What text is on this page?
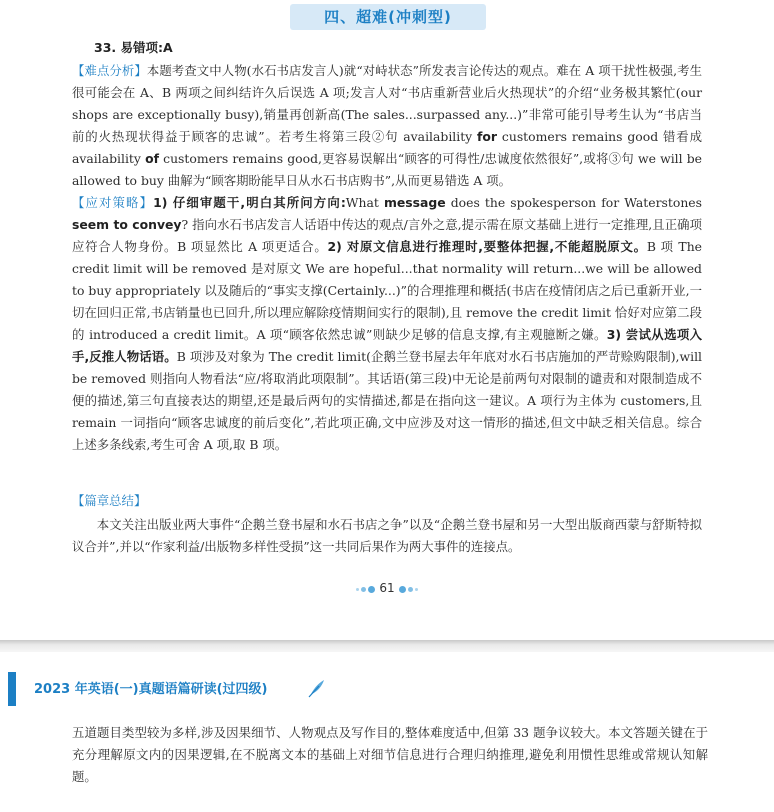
四、超难(冲刺型)
33. 易错项:A
【难点分析】本题考查文中人物(水石书店发言人)就“对峙状态”所发表言论传达的观点。难在 A 项干扰性极强,考生很可能会在 A、B 两项之间纠结许久后误选 A 项;发言人对“书店重新营业后火热现状”的介绍“业务极其繁忙(our shops are exceptionally busy),销量再创新高(The sales...surpassed any...)”非常可能引导考生认为“书店当前的火热现状得益于顾客的忠诚”。若考生将第三段②句 availability for customers remains good 错看成 availability of customers remains good,更容易误解出“顾客的可得性/忠诚度依然很好”,或将③句 we will be allowed to buy 曲解为“顾客期盼能早日从水石书店购书”,从而更易错选 A 项。
【应对策略】1) 仔细审题干,明白其所问方向:What message does the spokesperson for Waterstones seem to convey? 指向水石书店发言人话语中传达的观点/言外之意,提示需在原文基础上进行一定推理,且正确项应符合人物身份。B 项显然比 A 项更适合。2) 对原文信息进行推理时,要整体把握,不能超脱原文。B 项 The credit limit will be removed 是对原文 We are hopeful...that normality will return...we will be allowed to buy appropriately 以及随后的“事实支撑(Certainly...)”的合理推理和概括(书店在疫情闭店之后已重新开业,一切在回归正常,书店销量也已回升,所以理应解除疫情期间实行的限制),且 remove the credit limit 恰好对应第二段的 introduced a credit limit。A 项“顾客依然忠诚”则缺少足够的信息支撑,有主观臆断之嫌。3) 尝试从选项入手,反推人物话语。B 项涉及对象为 The credit limit(企鹅兰登书屋去年年底对水石书店施加的严苛赊购限制),will be removed 则指向人物看法“应/将取消此项限制”。其话语(第三段)中无论是前两句对限制的谴责和对限制造成不便的描述,第三句直接表达的期望,还是最后两句的实情描述,都是在指向这一建议。A 项行为主体为 customers,且 remain 一词指向“顾客忠诚度的前后变化”,若此项正确,文中应涉及对这一情形的描述,但文中缺乏相关信息。综合上述多条线索,考生可舍 A 项,取 B 项。
【篇章总结】
本文关注出版业两大事件“企鹅兰登书屋和水石书店之争”以及“企鹅兰登书屋和另一大型出版商西蒙与舒斯特拟议合并”,并以“作家利益/出版物多样性受损”这一共同后果作为两大事件的连接点。
61
2023 年英语(一)真题语篇研读(过四级)
五道题目类型较为多样,涉及因果细节、人物观点及写作目的,整体难度适中,但第 33 题争议较大。本文答题关键在于充分理解原文内的因果逻辑,在不脱离文本的基础上对细节信息进行合理归纳推理,避免利用惯性思维或常规认知解题。
